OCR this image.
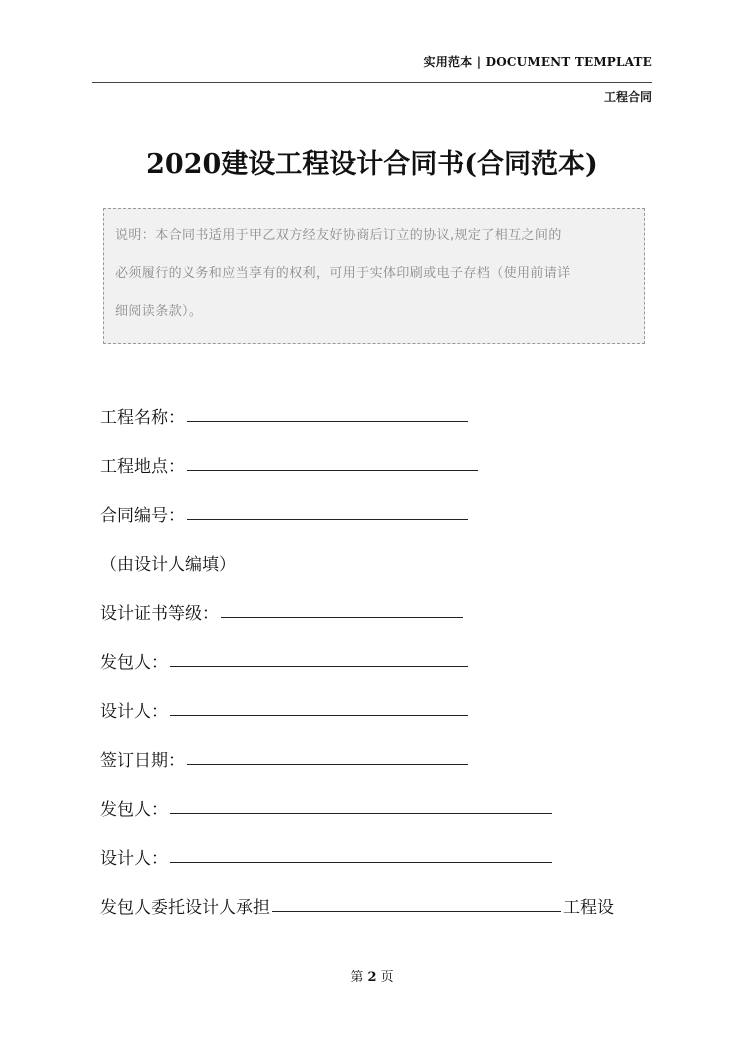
实用范本 | DOCUMENT TEMPLATE
工程合同
2020建设工程设计合同书(合同范本)
说明：本合同书适用于甲乙双方经友好协商后订立的协议,规定了相互之间的
必须履行的义务和应当享有的权利，可用于实体印刷或电子存档（使用前请详
细阅读条款）。
工程名称：
工程地点：
合同编号：
（由设计人编填）
设计证书等级：
发包人：
设计人：
签订日期：
发包人：
设计人：
发包人委托设计人承担	工程设
第 2 页
